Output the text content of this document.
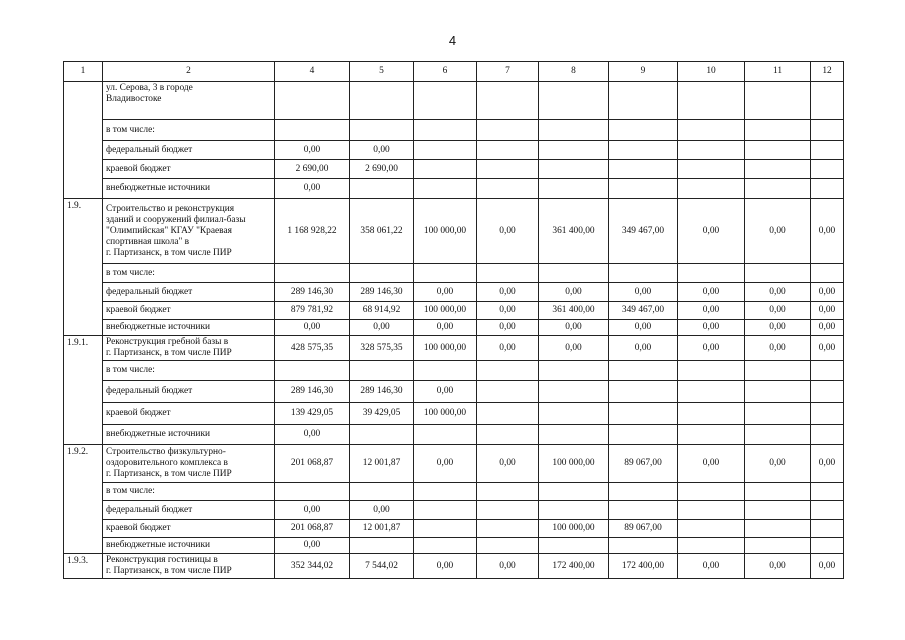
4
1	2	4	5	6	7	8	9	10	11	12

	ул. Серова, 3 в городе
Владивостоке									

	в том числе:									
	федеральный бюджет	0,00	0,00							
	краевой бюджет	2 690,00	2 690,00							
	внебюджетные источники	0,00								
1.9.	Строительство и реконструкция
зданий и сооружений филиал-базы
"Олимпийская" КГАУ "Краевая
спортивная школа" в
г. Партизанск, в том числе ПИР	1 168 928,22	358 061,22	100 000,00	0,00	361 400,00	349 467,00	0,00	0,00	0,00
	в том числе:									
	федеральный бюджет	289 146,30	289 146,30	0,00	0,00	0,00	0,00	0,00	0,00	0,00
	краевой бюджет	879 781,92	68 914,92	100 000,00	0,00	361 400,00	349 467,00	0,00	0,00	0,00
	внебюджетные источники	0,00	0,00	0,00	0,00	0,00	0,00	0,00	0,00	0,00
1.9.1.	Реконструкция гребной базы в
г. Партизанск, в том числе ПИР	428 575,35	328 575,35	100 000,00	0,00	0,00	0,00	0,00	0,00	0,00
	в том числе:									
	федеральный бюджет	289 146,30	289 146,30	0,00						
	краевой бюджет	139 429,05	39 429,05	100 000,00						
	внебюджетные источники	0,00								
1.9.2.	Строительство физкультурно-
оздоровительного комплекса в
г. Партизанск, в том числе ПИР	201 068,87	12 001,87	0,00	0,00	100 000,00	89 067,00	0,00	0,00	0,00
	в том числе:									
	федеральный бюджет	0,00	0,00							
	краевой бюджет	201 068,87	12 001,87			100 000,00	89 067,00			
	внебюджетные источники	0,00								
1.9.3.	Реконструкция гостиницы в
г. Партизанск, в том числе ПИР	352 344,02	7 544,02	0,00	0,00	172 400,00	172 400,00	0,00	0,00	0,00
